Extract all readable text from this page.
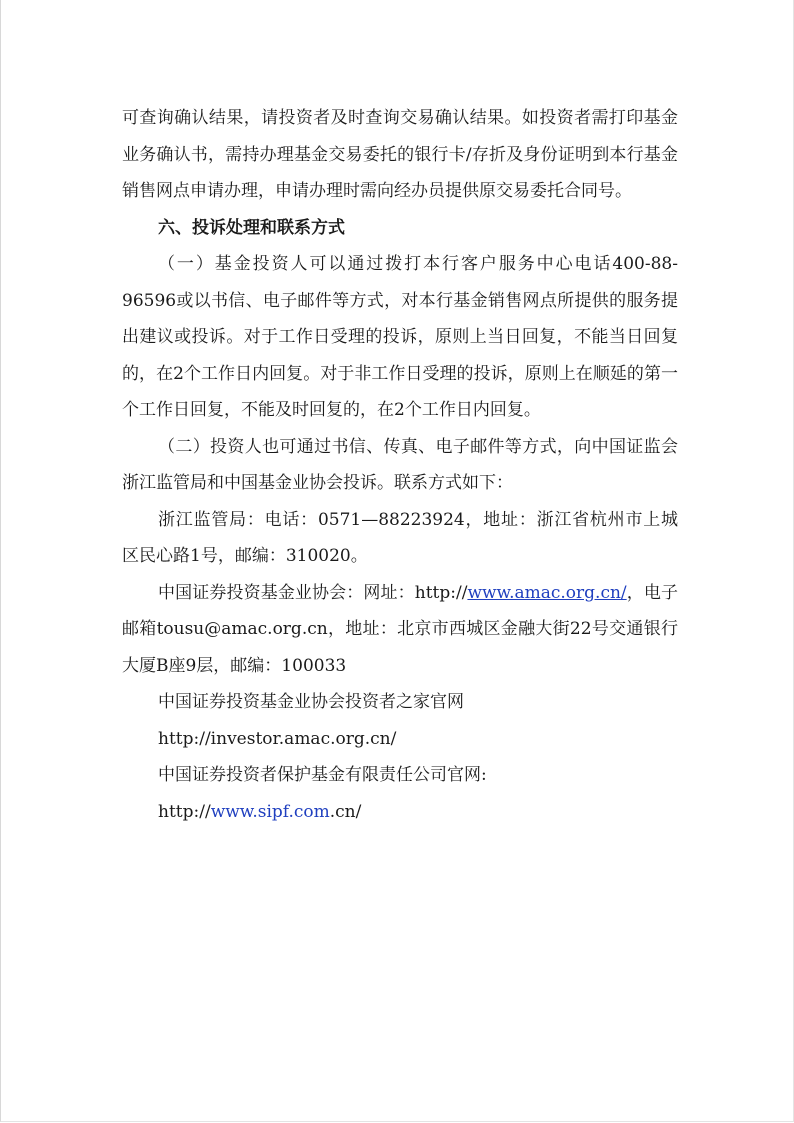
可查询确认结果，请投资者及时查询交易确认结果。如投资者需打印基金业务确认书，需持办理基金交易委托的银行卡/存折及身份证明到本行基金销售网点申请办理，申请办理时需向经办员提供原交易委托合同号。

六、投诉处理和联系方式

（一）基金投资人可以通过拨打本行客户服务中心电话400-88-96596或以书信、电子邮件等方式，对本行基金销售网点所提供的服务提出建议或投诉。对于工作日受理的投诉，原则上当日回复，不能当日回复的，在2个工作日内回复。对于非工作日受理的投诉，原则上在顺延的第一个工作日回复，不能及时回复的，在2个工作日内回复。

（二）投资人也可通过书信、传真、电子邮件等方式，向中国证监会浙江监管局和中国基金业协会投诉。联系方式如下：

浙江监管局：电话：0571—88223924，地址：浙江省杭州市上城区民心路1号，邮编：310020。

中国证券投资基金业协会：网址：http://www.amac.org.cn/，电子邮箱tousu@amac.org.cn，地址：北京市西城区金融大街22号交通银行大厦B座9层，邮编：100033

中国证券投资基金业协会投资者之家官网

http://investor.amac.org.cn/

中国证券投资者保护基金有限责任公司官网:

http://www.sipf.com.cn/
